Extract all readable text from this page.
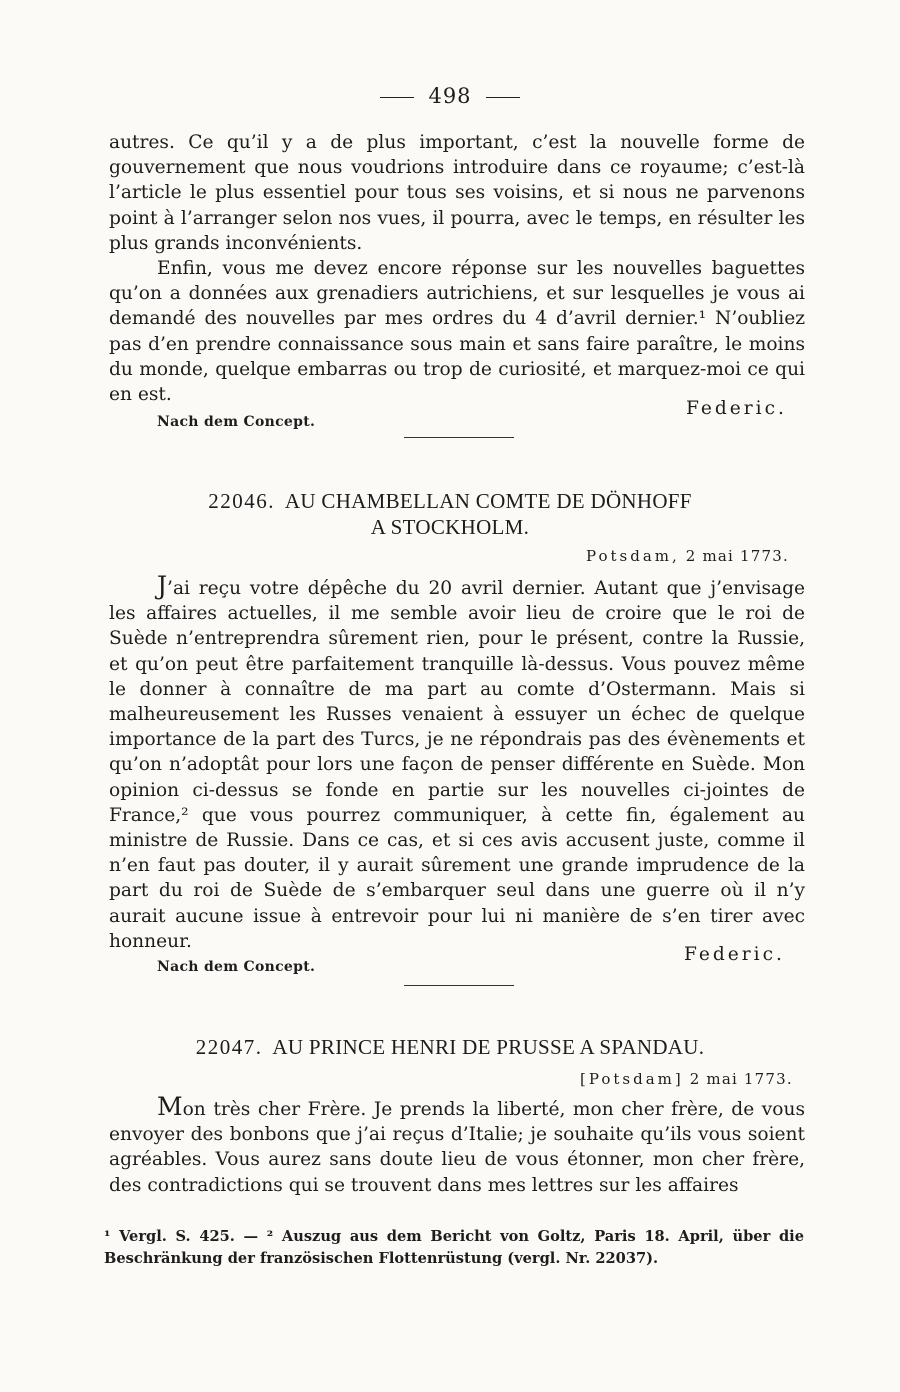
498
autres. Ce qu’il y a de plus important, c’est la nouvelle forme de gouvernement que nous voudrions introduire dans ce royaume; c’est-là l’article le plus essentiel pour tous ses voisins, et si nous ne parvenons point à l’arranger selon nos vues, il pourra, avec le temps, en résulter les plus grands inconvénients.
Enfin, vous me devez encore réponse sur les nouvelles baguettes qu’on a données aux grenadiers autrichiens, et sur lesquelles je vous ai demandé des nouvelles par mes ordres du 4 d’avril dernier.¹ N’oubliez pas d’en prendre connaissance sous main et sans faire paraître, le moins du monde, quelque embarras ou trop de curiosité, et marquez-moi ce qui en est.
Federic.
Nach dem Concept.
22046. AU CHAMBELLAN COMTE DE DÖNHOFF
A STOCKHOLM.
Potsdam, 2 mai 1773.
J’ai reçu votre dépêche du 20 avril dernier. Autant que j’envisage les affaires actuelles, il me semble avoir lieu de croire que le roi de Suède n’entreprendra sûrement rien, pour le présent, contre la Russie, et qu’on peut être parfaitement tranquille là-dessus. Vous pouvez même le donner à connaître de ma part au comte d’Ostermann. Mais si malheureusement les Russes venaient à essuyer un échec de quelque importance de la part des Turcs, je ne répondrais pas des évènements et qu’on n’adoptât pour lors une façon de penser différente en Suède. Mon opinion ci-dessus se fonde en partie sur les nouvelles ci-jointes de France,² que vous pourrez communiquer, à cette fin, également au ministre de Russie. Dans ce cas, et si ces avis accusent juste, comme il n’en faut pas douter, il y aurait sûrement une grande imprudence de la part du roi de Suède de s’embarquer seul dans une guerre où il n’y aurait aucune issue à entrevoir pour lui ni manière de s’en tirer avec honneur.
Federic.
Nach dem Concept.
22047. AU PRINCE HENRI DE PRUSSE A SPANDAU.
[Potsdam] 2 mai 1773.
Mon très cher Frère. Je prends la liberté, mon cher frère, de vous envoyer des bonbons que j’ai reçus d’Italie; je souhaite qu’ils vous soient agréables. Vous aurez sans doute lieu de vous étonner, mon cher frère, des contradictions qui se trouvent dans mes lettres sur les affaires
¹ Vergl. S. 425. — ² Auszug aus dem Bericht von Goltz, Paris 18. April, über die Beschränkung der französischen Flottenrüstung (vergl. Nr. 22037).
